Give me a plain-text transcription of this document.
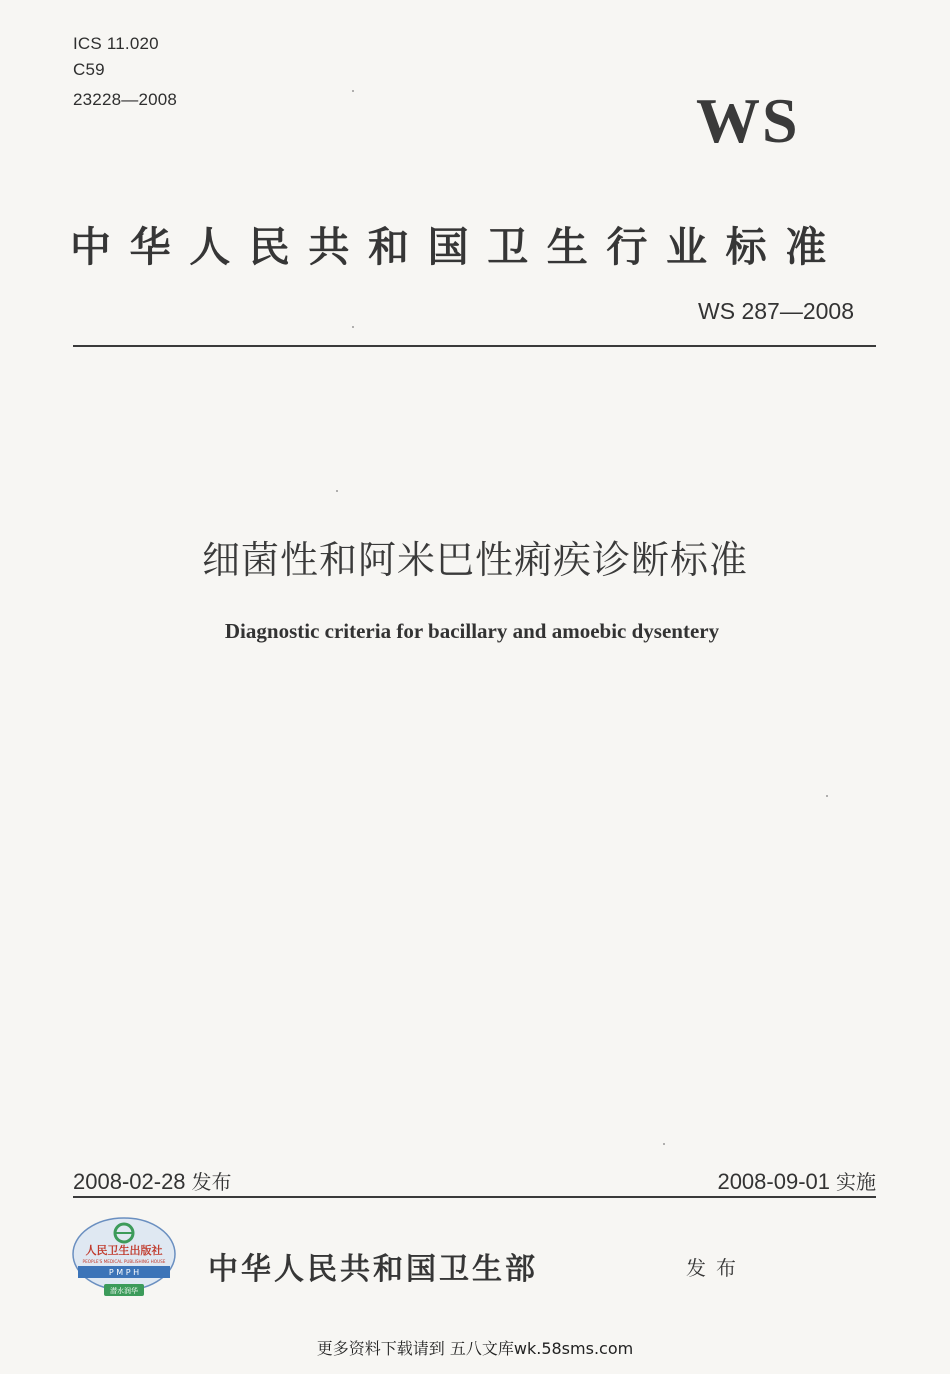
ICS 11.020
C59
23228—2008	WS
中华人民共和国卫生行业标准
WS 287—2008
细菌性和阿米巴性痢疾诊断标准
Diagnostic criteria for bacillary and amoebic dysentery
2008-02-28 发布	2008-09-01 实施
人民卫生出版社
PEOPLE'S MEDICAL PUBLISHING HOUSE
P M P H
潜水润华
中华人民共和国卫生部	发布
更多资料下载请到 五八文库wk.58sms.com
